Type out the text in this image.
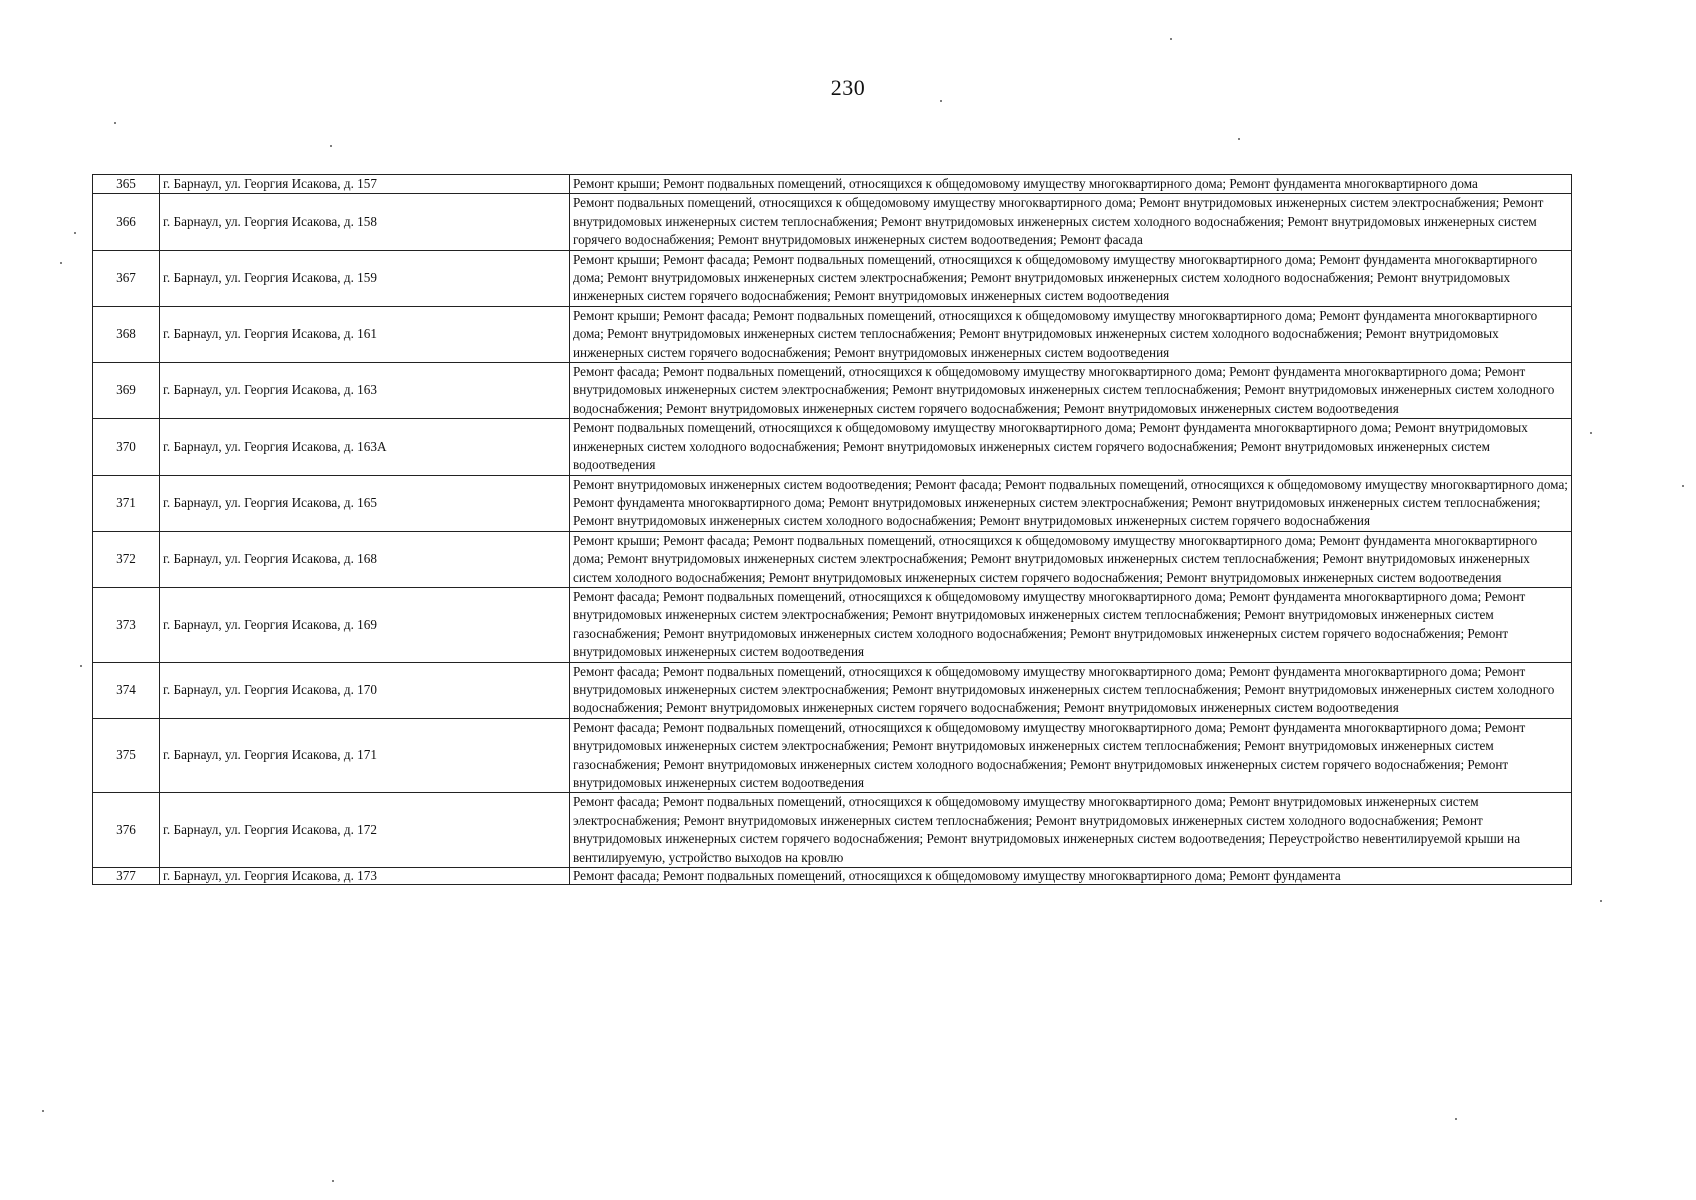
230
365	г. Барнаул, ул. Георгия Исакова, д. 157	Ремонт крыши; Ремонт подвальных помещений, относящихся к общедомовому имуществу многоквартирного дома; Ремонт фундамента многоквартирного дома
366	г. Барнаул, ул. Георгия Исакова, д. 158	Ремонт подвальных помещений, относящихся к общедомовому имуществу многоквартирного дома; Ремонт внутридомовых инженерных систем электроснабжения; Ремонт внутридомовых инженерных систем теплоснабжения; Ремонт внутридомовых инженерных систем холодного водоснабжения; Ремонт внутридомовых инженерных систем горячего водоснабжения; Ремонт внутридомовых инженерных систем водоотведения; Ремонт фасада
367	г. Барнаул, ул. Георгия Исакова, д. 159	Ремонт крыши; Ремонт фасада; Ремонт подвальных помещений, относящихся к общедомовому имуществу многоквартирного дома; Ремонт фундамента многоквартирного дома; Ремонт внутридомовых инженерных систем электроснабжения; Ремонт внутридомовых инженерных систем холодного водоснабжения; Ремонт внутридомовых инженерных систем горячего водоснабжения; Ремонт внутридомовых инженерных систем водоотведения
368	г. Барнаул, ул. Георгия Исакова, д. 161	Ремонт крыши; Ремонт фасада; Ремонт подвальных помещений, относящихся к общедомовому имуществу многоквартирного дома; Ремонт фундамента многоквартирного дома; Ремонт внутридомовых инженерных систем теплоснабжения; Ремонт внутридомовых инженерных систем холодного водоснабжения; Ремонт внутридомовых инженерных систем горячего водоснабжения; Ремонт внутридомовых инженерных систем водоотведения
369	г. Барнаул, ул. Георгия Исакова, д. 163	Ремонт фасада; Ремонт подвальных помещений, относящихся к общедомовому имуществу многоквартирного дома; Ремонт фундамента многоквартирного дома; Ремонт внутридомовых инженерных систем электроснабжения; Ремонт внутридомовых инженерных систем теплоснабжения; Ремонт внутридомовых инженерных систем холодного водоснабжения; Ремонт внутридомовых инженерных систем горячего водоснабжения; Ремонт внутридомовых инженерных систем водоотведения
370	г. Барнаул, ул. Георгия Исакова, д. 163А	Ремонт подвальных помещений, относящихся к общедомовому имуществу многоквартирного дома; Ремонт фундамента многоквартирного дома; Ремонт внутридомовых инженерных систем холодного водоснабжения; Ремонт внутридомовых инженерных систем горячего водоснабжения; Ремонт внутридомовых инженерных систем водоотведения
371	г. Барнаул, ул. Георгия Исакова, д. 165	Ремонт внутридомовых инженерных систем водоотведения; Ремонт фасада; Ремонт подвальных помещений, относящихся к общедомовому имуществу многоквартирного дома; Ремонт фундамента многоквартирного дома; Ремонт внутридомовых инженерных систем электроснабжения; Ремонт внутридомовых инженерных систем теплоснабжения; Ремонт внутридомовых инженерных систем холодного водоснабжения; Ремонт внутридомовых инженерных систем горячего водоснабжения
372	г. Барнаул, ул. Георгия Исакова, д. 168	Ремонт крыши; Ремонт фасада; Ремонт подвальных помещений, относящихся к общедомовому имуществу многоквартирного дома; Ремонт фундамента многоквартирного дома; Ремонт внутридомовых инженерных систем электроснабжения; Ремонт внутридомовых инженерных систем теплоснабжения; Ремонт внутридомовых инженерных систем холодного водоснабжения; Ремонт внутридомовых инженерных систем горячего водоснабжения; Ремонт внутридомовых инженерных систем водоотведения
373	г. Барнаул, ул. Георгия Исакова, д. 169	Ремонт фасада; Ремонт подвальных помещений, относящихся к общедомовому имуществу многоквартирного дома; Ремонт фундамента многоквартирного дома; Ремонт внутридомовых инженерных систем электроснабжения; Ремонт внутридомовых инженерных систем теплоснабжения; Ремонт внутридомовых инженерных систем газоснабжения; Ремонт внутридомовых инженерных систем холодного водоснабжения; Ремонт внутридомовых инженерных систем горячего водоснабжения; Ремонт внутридомовых инженерных систем водоотведения
374	г. Барнаул, ул. Георгия Исакова, д. 170	Ремонт фасада; Ремонт подвальных помещений, относящихся к общедомовому имуществу многоквартирного дома; Ремонт фундамента многоквартирного дома; Ремонт внутридомовых инженерных систем электроснабжения; Ремонт внутридомовых инженерных систем теплоснабжения; Ремонт внутридомовых инженерных систем холодного водоснабжения; Ремонт внутридомовых инженерных систем горячего водоснабжения; Ремонт внутридомовых инженерных систем водоотведения
375	г. Барнаул, ул. Георгия Исакова, д. 171	Ремонт фасада; Ремонт подвальных помещений, относящихся к общедомовому имуществу многоквартирного дома; Ремонт фундамента многоквартирного дома; Ремонт внутридомовых инженерных систем электроснабжения; Ремонт внутридомовых инженерных систем теплоснабжения; Ремонт внутридомовых инженерных систем газоснабжения; Ремонт внутридомовых инженерных систем холодного водоснабжения; Ремонт внутридомовых инженерных систем горячего водоснабжения; Ремонт внутридомовых инженерных систем водоотведения
376	г. Барнаул, ул. Георгия Исакова, д. 172	Ремонт фасада; Ремонт подвальных помещений, относящихся к общедомовому имуществу многоквартирного дома; Ремонт внутридомовых инженерных систем электроснабжения; Ремонт внутридомовых инженерных систем теплоснабжения; Ремонт внутридомовых инженерных систем холодного водоснабжения; Ремонт внутридомовых инженерных систем горячего водоснабжения; Ремонт внутридомовых инженерных систем водоотведения; Переустройство невентилируемой крыши на вентилируемую, устройство выходов на кровлю
377	г. Барнаул, ул. Георгия Исакова, д. 173	Ремонт фасада; Ремонт подвальных помещений, относящихся к общедомовому имуществу многоквартирного дома; Ремонт фундамента
